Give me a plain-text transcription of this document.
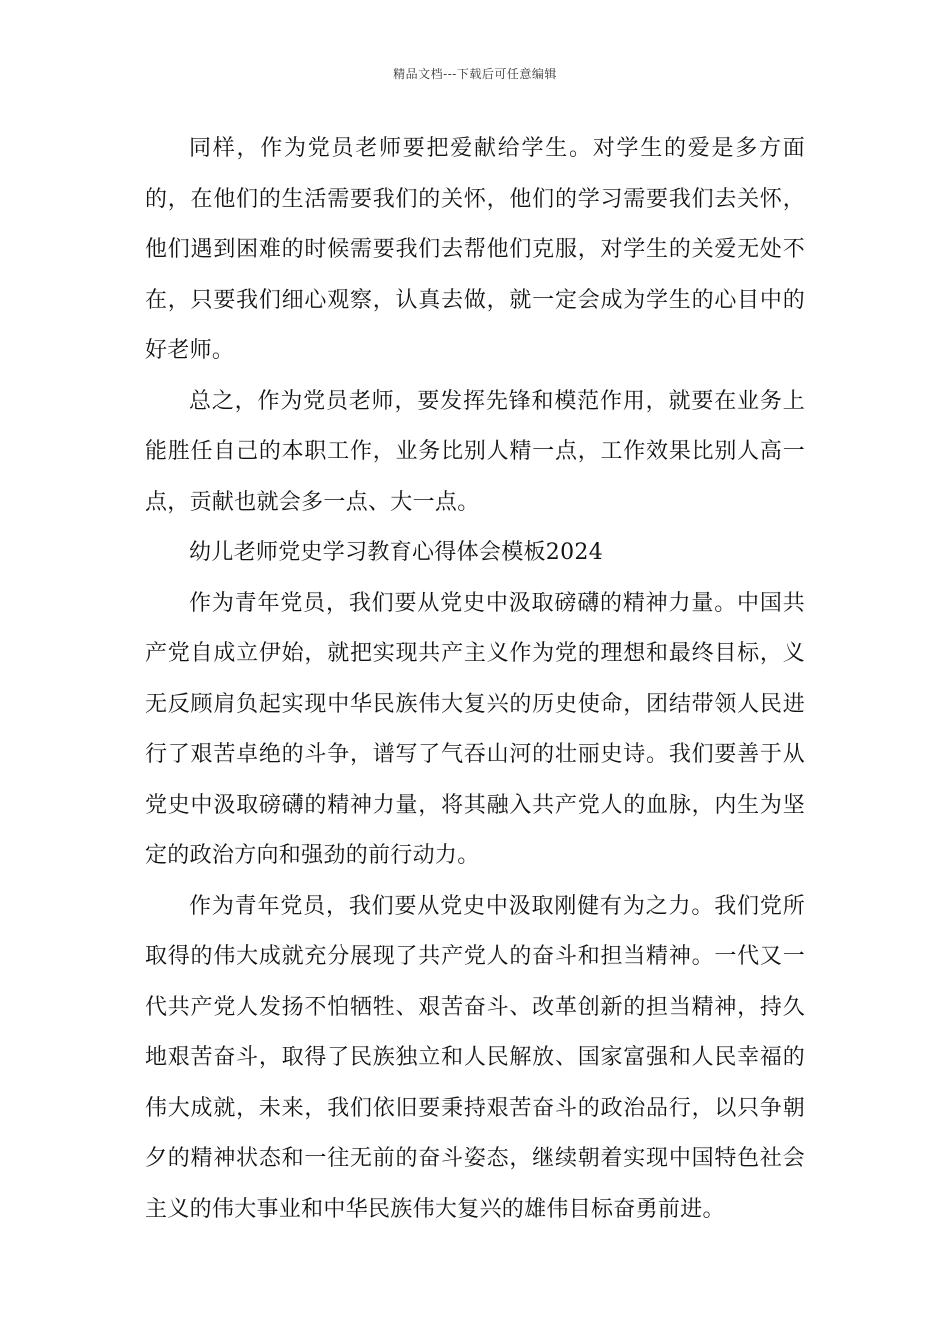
精品文档---下载后可任意编辑

同样，作为党员老师要把爱献给学生。对学生的爱是多方面的，在他们的生活需要我们的关怀，他们的学习需要我们去关怀，他们遇到困难的时候需要我们去帮他们克服，对学生的关爱无处不在，只要我们细心观察，认真去做，就一定会成为学生的心目中的好老师。

总之，作为党员老师，要发挥先锋和模范作用，就要在业务上能胜任自己的本职工作，业务比别人精一点，工作效果比别人高一点，贡献也就会多一点、大一点。

幼儿老师党史学习教育心得体会模板2024

作为青年党员，我们要从党史中汲取磅礴的精神力量。中国共产党自成立伊始，就把实现共产主义作为党的理想和最终目标，义无反顾肩负起实现中华民族伟大复兴的历史使命，团结带领人民进行了艰苦卓绝的斗争，谱写了气吞山河的壮丽史诗。我们要善于从党史中汲取磅礴的精神力量，将其融入共产党人的血脉，内生为坚定的政治方向和强劲的前行动力。

作为青年党员，我们要从党史中汲取刚健有为之力。我们党所取得的伟大成就充分展现了共产党人的奋斗和担当精神。一代又一代共产党人发扬不怕牺牲、艰苦奋斗、改革创新的担当精神，持久地艰苦奋斗，取得了民族独立和人民解放、国家富强和人民幸福的伟大成就，未来，我们依旧要秉持艰苦奋斗的政治品行，以只争朝夕的精神状态和一往无前的奋斗姿态，继续朝着实现中国特色社会主义的伟大事业和中华民族伟大复兴的雄伟目标奋勇前进。
